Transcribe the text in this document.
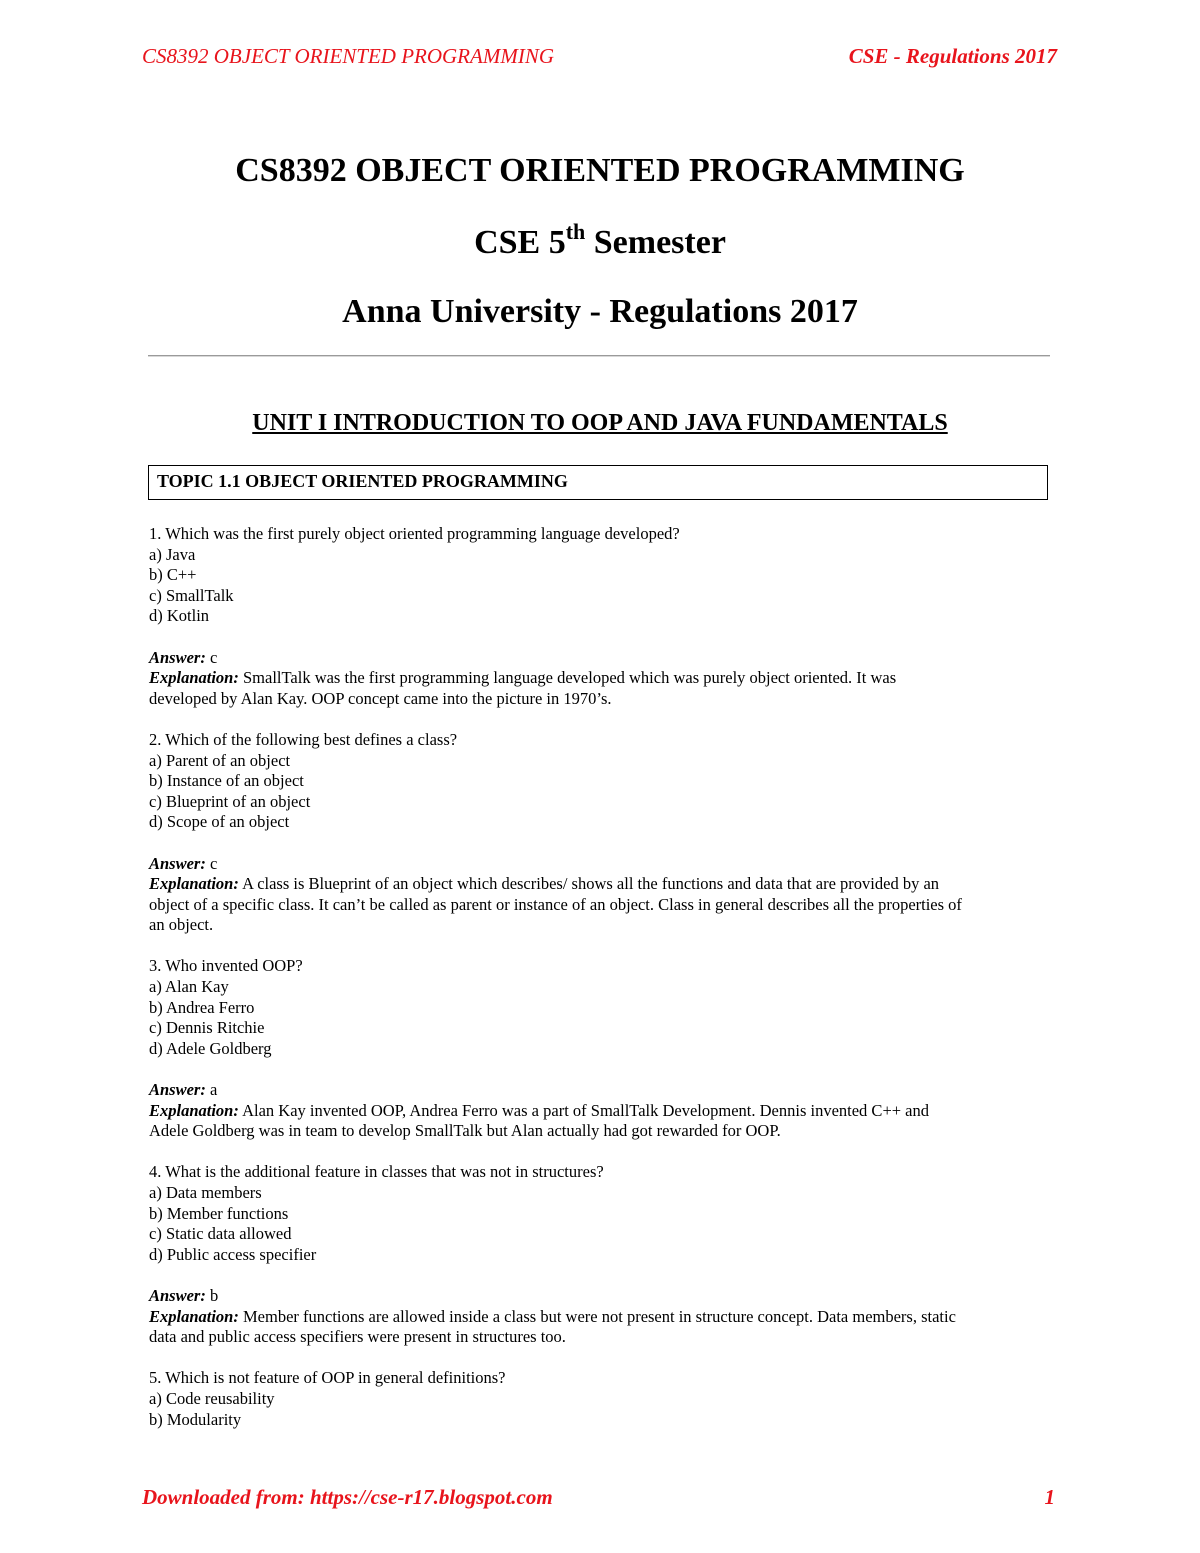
CS8392 OBJECT ORIENTED PROGRAMMING	CSE - Regulations 2017
CS8392 OBJECT ORIENTED PROGRAMMING
CSE 5th Semester
Anna University - Regulations 2017
UNIT I INTRODUCTION TO OOP AND JAVA FUNDAMENTALS
TOPIC 1.1 OBJECT ORIENTED PROGRAMMING
1. Which was the first purely object oriented programming language developed?
a) Java
b) C++
c) SmallTalk
d) Kotlin
Answer: c
Explanation: SmallTalk was the first programming language developed which was purely object oriented. It was
developed by Alan Kay. OOP concept came into the picture in 1970’s.
2. Which of the following best defines a class?
a) Parent of an object
b) Instance of an object
c) Blueprint of an object
d) Scope of an object
Answer: c
Explanation: A class is Blueprint of an object which describes/ shows all the functions and data that are provided by an
object of a specific class. It can’t be called as parent or instance of an object. Class in general describes all the properties of
an object.
3. Who invented OOP?
a) Alan Kay
b) Andrea Ferro
c) Dennis Ritchie
d) Adele Goldberg
Answer: a
Explanation: Alan Kay invented OOP, Andrea Ferro was a part of SmallTalk Development. Dennis invented C++ and
Adele Goldberg was in team to develop SmallTalk but Alan actually had got rewarded for OOP.
4. What is the additional feature in classes that was not in structures?
a) Data members
b) Member functions
c) Static data allowed
d) Public access specifier
Answer: b
Explanation: Member functions are allowed inside a class but were not present in structure concept. Data members, static
data and public access specifiers were present in structures too.
5. Which is not feature of OOP in general definitions?
a) Code reusability
b) Modularity
Downloaded from: https://cse-r17.blogspot.com	1
